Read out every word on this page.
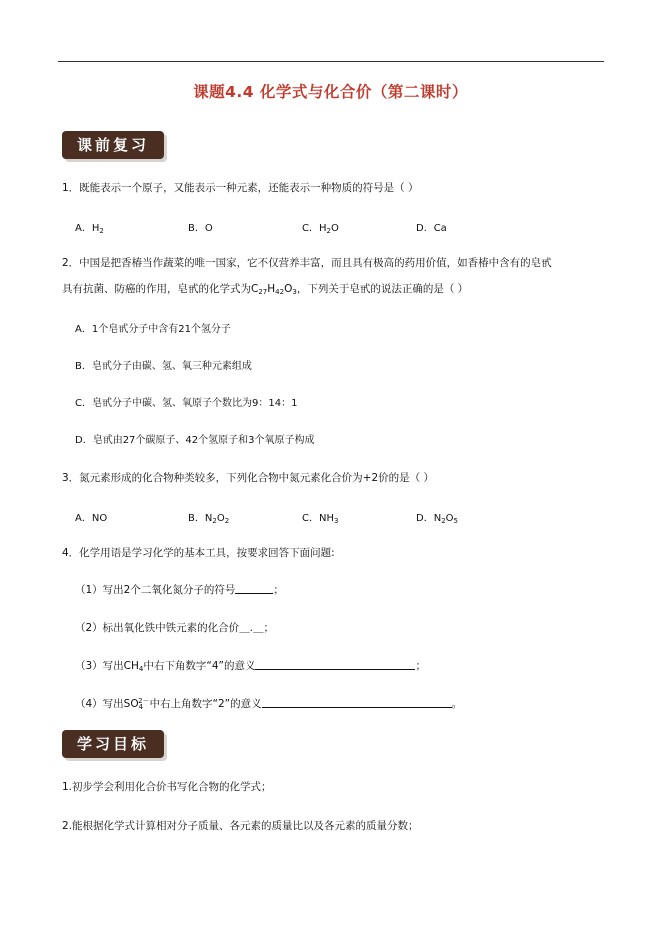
课题4.4 化学式与化合价（第二课时）
课前复习
1．既能表示一个原子，又能表示一种元素，还能表示一种物质的符号是（ ）
A．$H_2$	B．O	C．$H_2O$	D．Ca
2．中国是把香椿当作蔬菜的唯一国家，它不仅营养丰富，而且具有极高的药用价值，如香椿中含有的皂甙
具有抗菌、防癌的作用，皂甙的化学式为$C_{27}H_{42}O_3$，下列关于皂甙的说法正确的是（ ）
A．1个皂甙分子中含有21个氢分子
B．皂甙分子由碳、氢、氧三种元素组成
C．皂甙分子中碳、氢、氧原子个数比为9：14：1
D．皂甙由27个碳原子、42个氢原子和3个氧原子构成
3．氮元素形成的化合物种类较多，下列化合物中氮元素化合价为+2价的是（ ）
A．NO	B．$N_2O_2$	C．$NH_3$	D．$N_2O_5$
4．化学用语是学习化学的基本工具，按要求回答下面问题:
（1）写出2个二氧化氮分子的符号	；
（2）标出氧化铁中铁元素的化合价＿.＿；
（3）写出$CH_4$中右下角数字“4”的意义	；
（4）写出$SO_4^{2-}$中右上角数字“2”的意义	。
学习目标
1.初步学会利用化合价书写化合物的化学式；
2.能根据化学式计算相对分子质量、各元素的质量比以及各元素的质量分数；
